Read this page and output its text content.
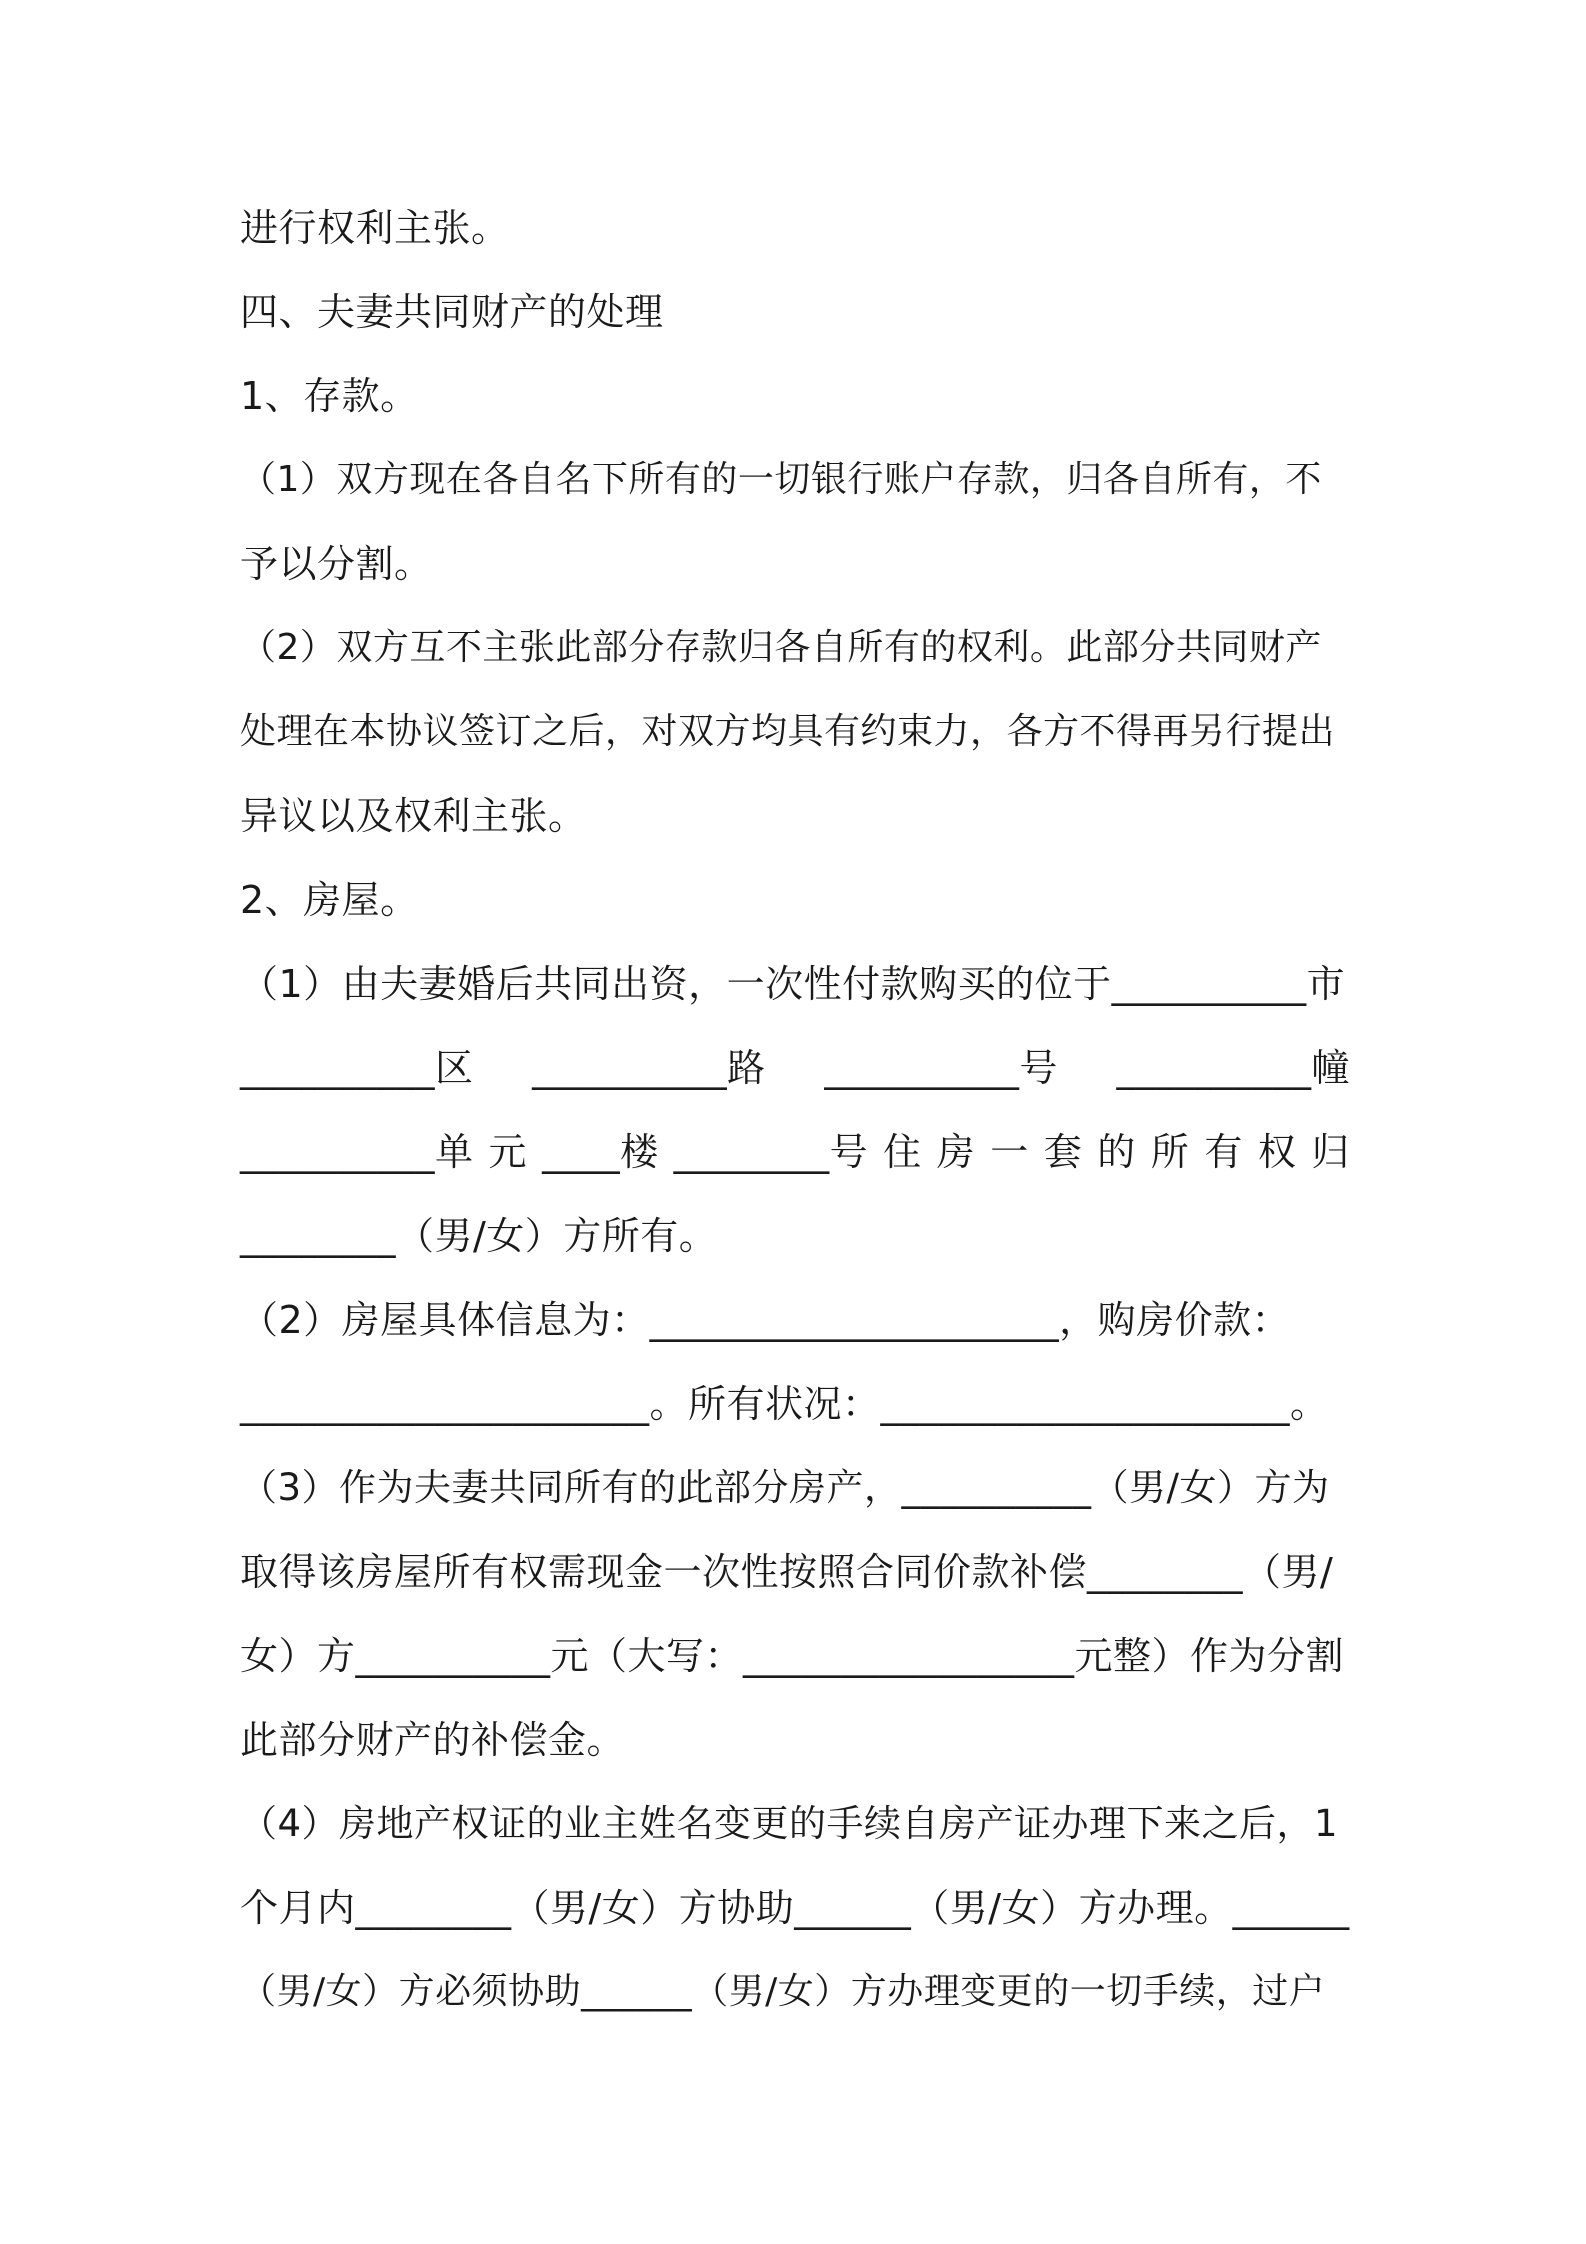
进行权利主张。
四、夫妻共同财产的处理
1、存款。
（1）双方现在各自名下所有的一切银行账户存款，归各自所有，不
予以分割。
（2）双方互不主张此部分存款归各自所有的权利。此部分共同财产
处理在本协议签订之后，对双方均具有约束力，各方不得再另行提出
异议以及权利主张。
2、房屋。
（1）由夫妻婚后共同出资，一次性付款购买的位于__________市
__________区 __________路 __________号 __________幢
__________单 元 ____楼 ________号 住 房 一 套 的 所 有 权 归
________（男/女）方所有。
（2）房屋具体信息为：_____________________，购房价款：
_____________________。所有状况：_____________________。
（3）作为夫妻共同所有的此部分房产，__________（男/女）方为
取得该房屋所有权需现金一次性按照合同价款补偿________（男/
女）方__________元（大写：_________________元整）作为分割
此部分财产的补偿金。
（4）房地产权证的业主姓名变更的手续自房产证办理下来之后，1
个月内________（男/女）方协助______（男/女）方办理。______
（男/女）方必须协助______（男/女）方办理变更的一切手续，过户
